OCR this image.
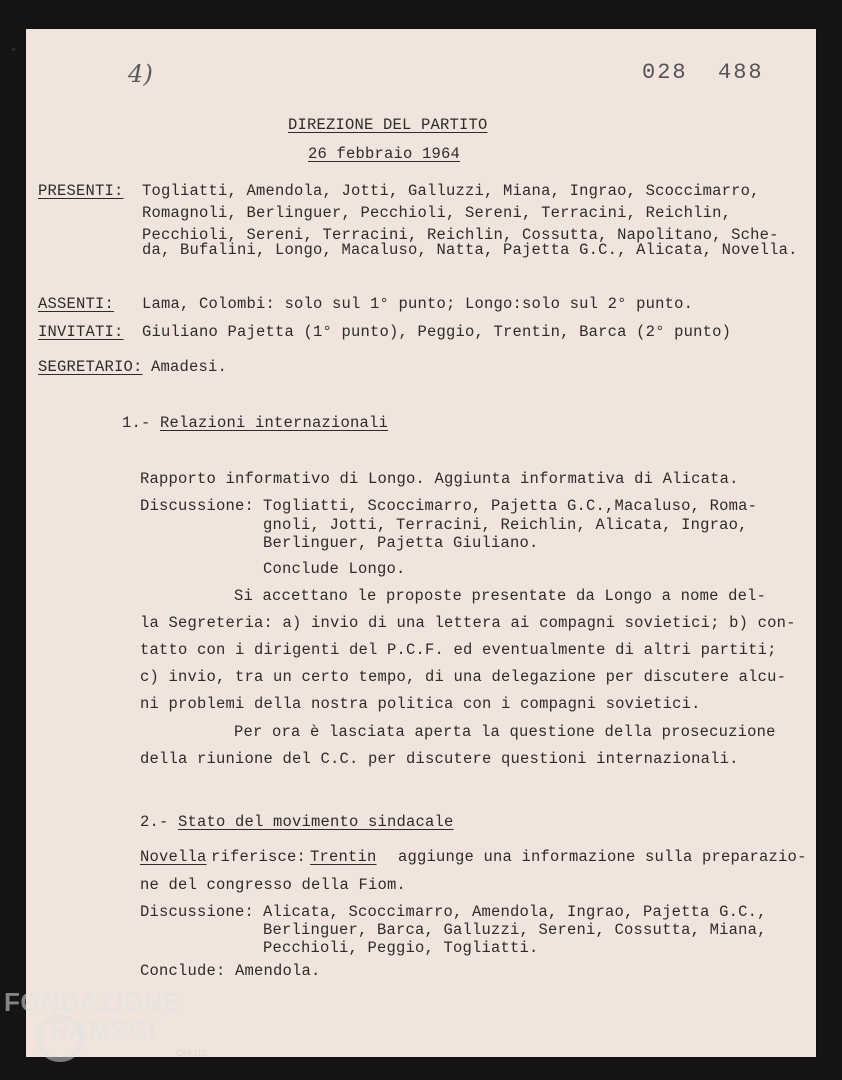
4)	028  488
DIREZIONE DEL PARTITO
26 febbraio 1964
PRESENTI: Togliatti, Amendola, Jotti, Galluzzi, Miana, Ingrao, Scoccimarro,
Romagnoli, Berlinguer, Pecchioli, Sereni, Terracini, Reichlin,
Pecchioli, Sereni, Terracini, Reichlin, Cossutta, Napolitano, Sche-
da, Bufalini, Longo, Macaluso, Natta, Pajetta G.C., Alicata, Novella.
ASSENTI: Lama, Colombi: solo sul 1° punto; Longo:solo sul 2° punto.
INVITATI: Giuliano Pajetta (1° punto), Peggio, Trentin, Barca (2° punto)
SEGRETARIO: Amadesi.
1.- Relazioni internazionali
Rapporto informativo di Longo. Aggiunta informativa di Alicata.
Discussione: Togliatti, Scoccimarro, Pajetta G.C.,Macaluso, Roma-
gnoli, Jotti, Terracini, Reichlin, Alicata, Ingrao,
Berlinguer, Pajetta Giuliano.
Conclude Longo.
Si accettano le proposte presentate da Longo a nome del-
la Segreteria: a) invio di una lettera ai compagni sovietici; b) con-
tatto con i dirigenti del P.C.F. ed eventualmente di altri partiti;
c) invio, tra un certo tempo, di una delegazione per discutere alcu-
ni problemi della nostra politica con i compagni sovietici.
Per ora è lasciata aperta la questione della prosecuzione
della riunione del C.C. per discutere questioni internazionali.
2.- Stato del movimento sindacale
Novella riferisce: Trentin aggiunge una informazione sulla preparazio-
ne del congresso della Fiom.
Discussione: Alicata, Scoccimarro, Amendola, Ingrao, Pajetta G.C.,
Berlinguer, Barca, Galluzzi, Sereni, Cossutta, Miana,
Pecchioli, Peggio, Togliatti.
Conclude: Amendola.
FONDAZIONE
RAMSCI
ONLUS
